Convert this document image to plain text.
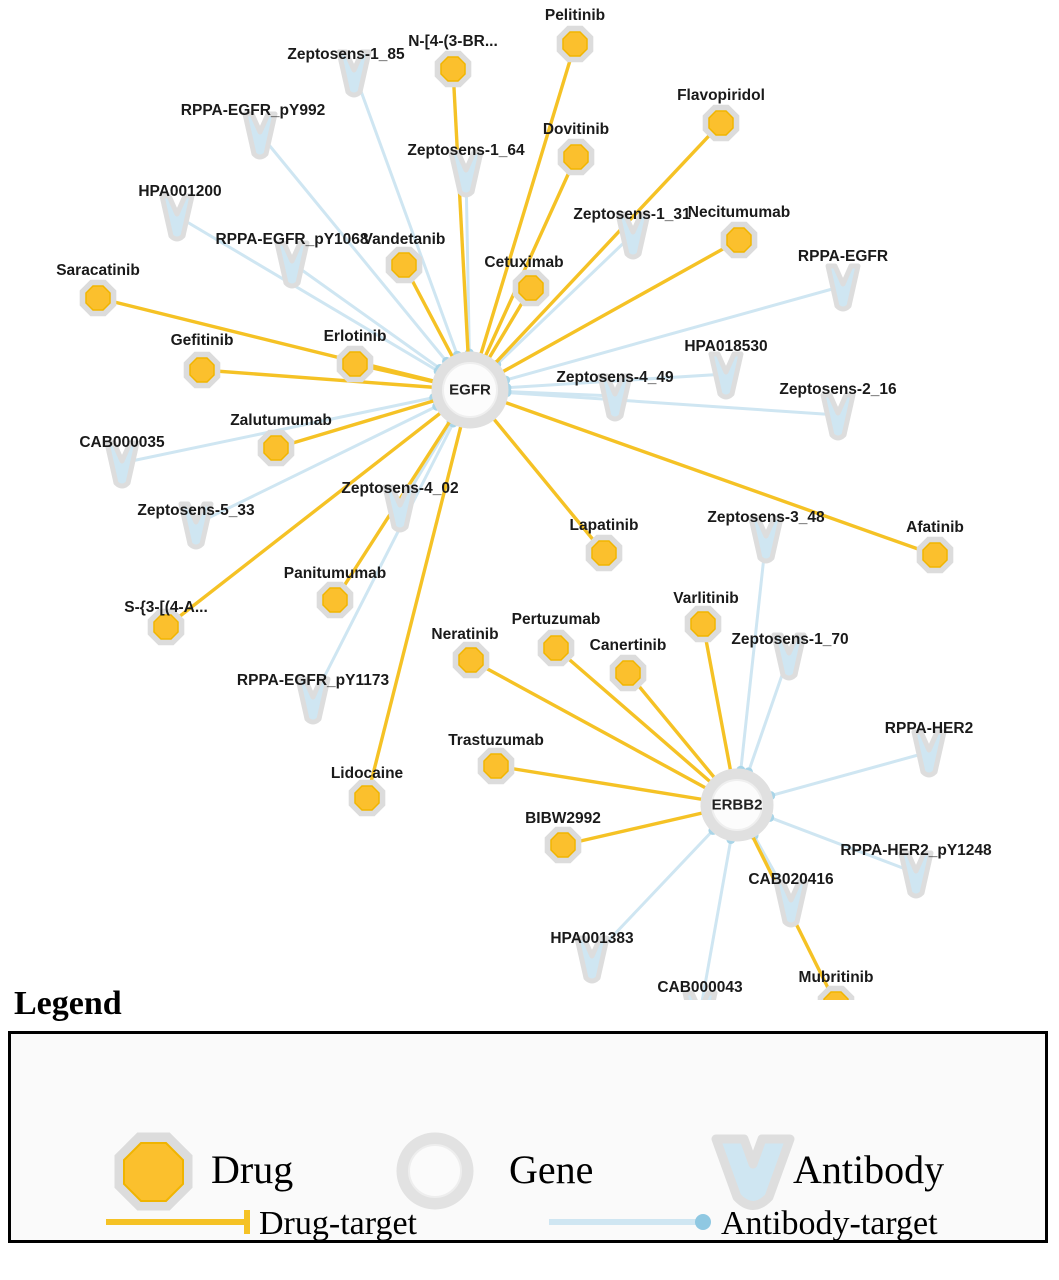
Pelitinib
N-[4-(3-BR...
Flavopiridol
Dovitinib
Necitumumab
Vandetanib
Cetuximab
Saracatinib
Erlotinib
Gefitinib
Zalutumumab
Afatinib
Lapatinib
Panitumumab
S-{3-[(4-A...
Varlitinib
Pertuzumab
Neratinib
Canertinib
Trastuzumab
Lidocaine
BIBW2992
Mubritinib
Zeptosens-1_85
RPPA-EGFR_pY992
Zeptosens-1_64
HPA001200
Zeptosens-1_31
RPPA-EGFR_pY1068
RPPA-EGFR
HPA018530
Zeptosens-4_49
Zeptosens-2_16
CAB000035
Zeptosens-4_02
Zeptosens-5_33	Zeptosens-3_48
Zeptosens-1_70
RPPA-EGFR_pY1173
RPPA-HER2
RPPA-HER2_pY1248
CAB020416
HPA001383
CAB000043
EGFR
ERBB2
Legend
Drug	Gene	Antibody
Drug-target	Antibody-target
